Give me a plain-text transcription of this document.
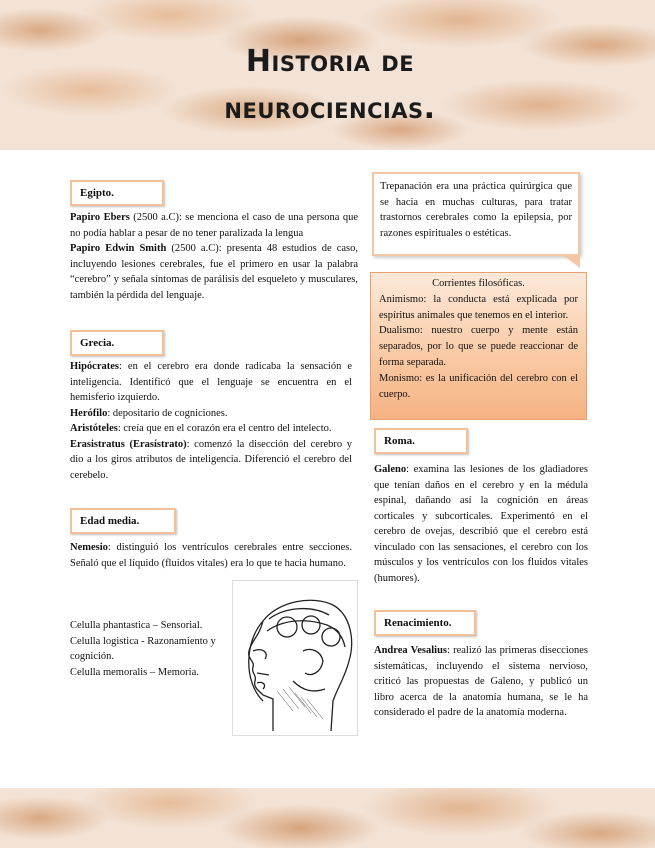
Historia de
neurociencias.
Egipto.
Papiro Ebers (2500 a.C): se menciona el caso de una persona que no podía hablar a pesar de no tener paralizada la lengua
Papiro Edwin Smith (2500 a.C): presenta 48 estudios de caso, incluyendo lesiones cerebrales, fue el primero en usar la palabra “cerebro” y señala síntomas de parálisis del esqueleto y musculares, también la pérdida del lenguaje.
Grecia.
Hipócrates: en el cerebro era donde radicaba la sensación e inteligencia. Identificó que el lenguaje se encuentra en el hemisferio izquierdo.
Herófilo: depositario de cogniciones.
Aristóteles: creía que en el corazón era el centro del intelecto.
Erasistratus (Erasístrato): comenzó la disección del cerebro y dio a los giros atributos de inteligencia. Diferenció el cerebro del cerebelo.
Edad media.
Nemesio: distinguió los ventrículos cerebrales entre secciones. Señaló que el líquido (fluidos vitales) era lo que te hacia humano.
Celulla phantastica – Sensorial.
Celulla logistica - Razonamiento y cognición.
Celulla memoralis – Memoria.
Trepanación era una práctica quirúrgica que se hacia en muchas culturas, para tratar trastornos cerebrales como la epilepsia, por razones espirituales o estéticas.
Corrientes filosóficas.
Animismo: la conducta está explicada por espíritus animales que tenemos en el interior.
Dualismo: nuestro cuerpo y mente están separados, por lo que se puede reaccionar de forma separada.
Monismo: es la unificación del cerebro con el cuerpo.
Roma.
Galeno: examina las lesiones de los gladiadores que tenían daños en el cerebro y en la médula espinal, dañando así la cognición en áreas corticales y subcorticales. Experimentó en el cerebro de ovejas, describió que el cerebro está vinculado con las sensaciones, el cerebro con los músculos y los ventrículos con los fluidos vitales (humores).
Renacimiento.
Andrea Vesalius: realizó las primeras disecciones sistemáticas, incluyendo el sistema nervioso, criticó las propuestas de Galeno, y publicó un libro acerca de la anatomía humana, se le ha considerado el padre de la anatomía moderna.
